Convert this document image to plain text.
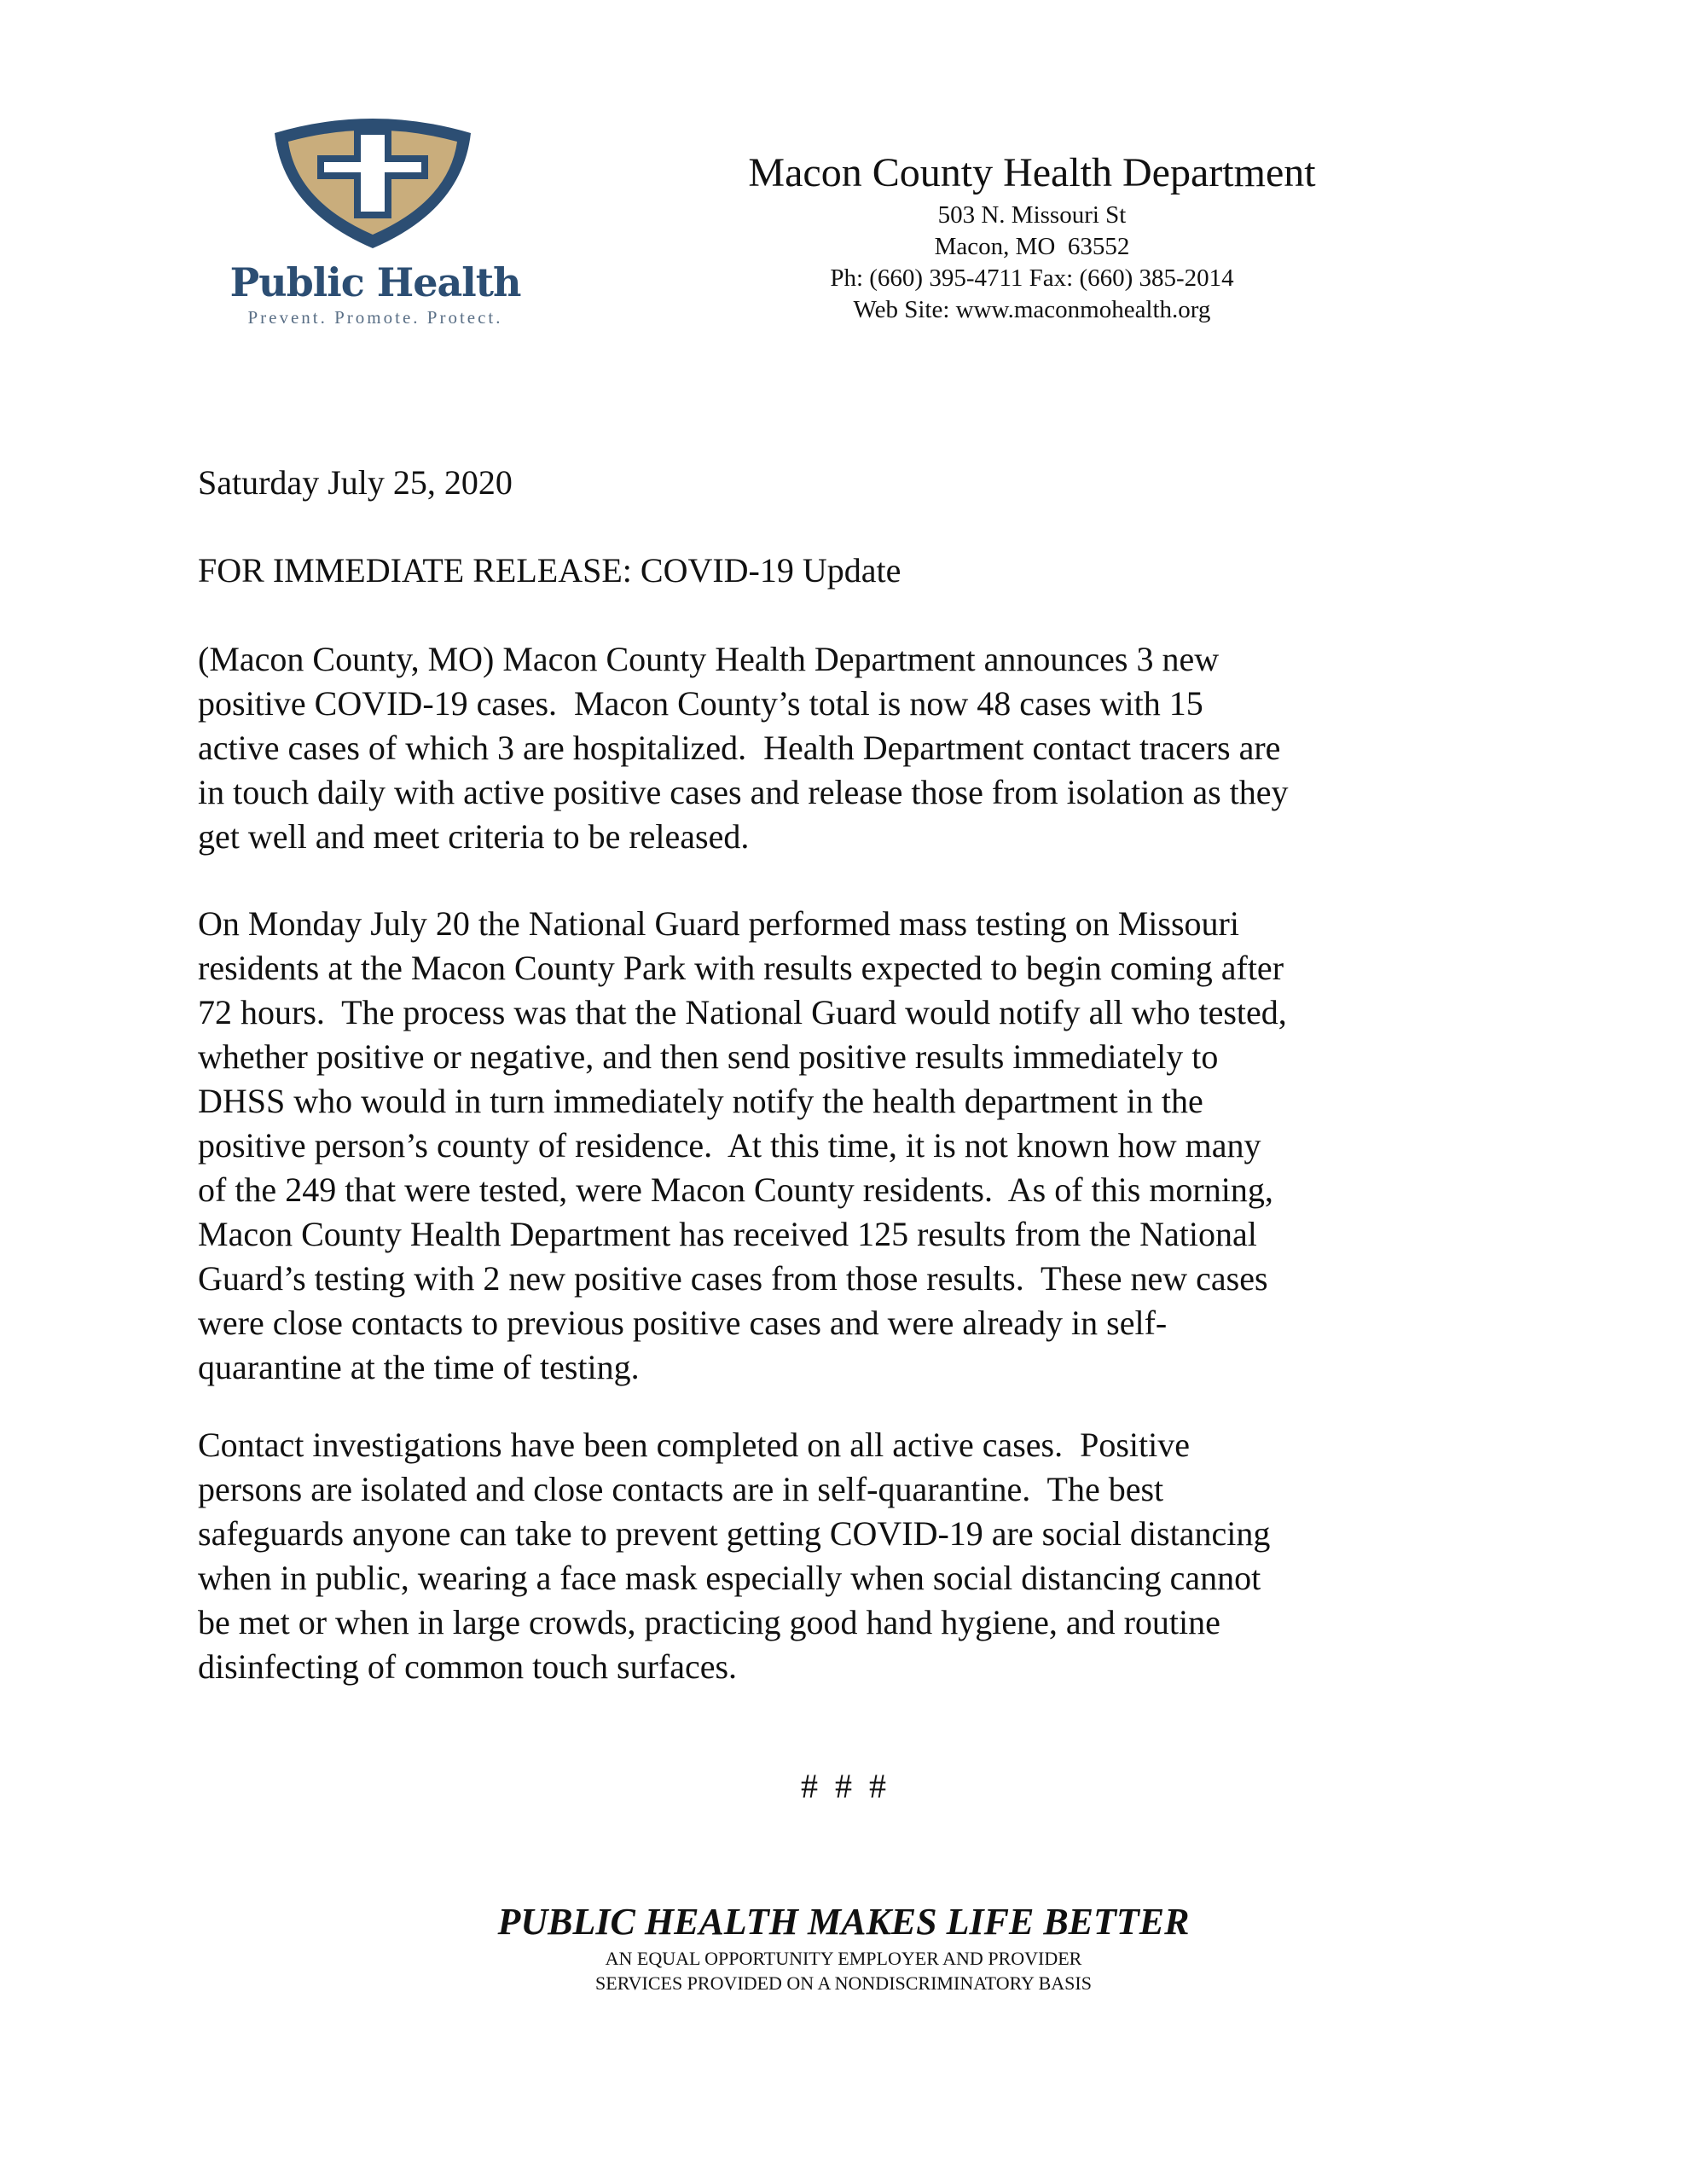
Public Health
Prevent. Promote. Protect.
Macon County Health Department
503 N. Missouri St
Macon, MO  63552
Ph: (660) 395-4711 Fax: (660) 385-2014
Web Site: www.maconmohealth.org
Saturday July 25, 2020
FOR IMMEDIATE RELEASE: COVID-19 Update
(Macon County, MO) Macon County Health Department announces 3 new
positive COVID-19 cases.  Macon County’s total is now 48 cases with 15
active cases of which 3 are hospitalized.  Health Department contact tracers are
in touch daily with active positive cases and release those from isolation as they
get well and meet criteria to be released.
On Monday July 20 the National Guard performed mass testing on Missouri
residents at the Macon County Park with results expected to begin coming after
72 hours.  The process was that the National Guard would notify all who tested,
whether positive or negative, and then send positive results immediately to
DHSS who would in turn immediately notify the health department in the
positive person’s county of residence.  At this time, it is not known how many
of the 249 that were tested, were Macon County residents.  As of this morning,
Macon County Health Department has received 125 results from the National
Guard’s testing with 2 new positive cases from those results.  These new cases
were close contacts to previous positive cases and were already in self-
quarantine at the time of testing.
Contact investigations have been completed on all active cases.  Positive
persons are isolated and close contacts are in self-quarantine.  The best
safeguards anyone can take to prevent getting COVID-19 are social distancing
when in public, wearing a face mask especially when social distancing cannot
be met or when in large crowds, practicing good hand hygiene, and routine
disinfecting of common touch surfaces.
# # #
PUBLIC HEALTH MAKES LIFE BETTER
AN EQUAL OPPORTUNITY EMPLOYER AND PROVIDER
SERVICES PROVIDED ON A NONDISCRIMINATORY BASIS
